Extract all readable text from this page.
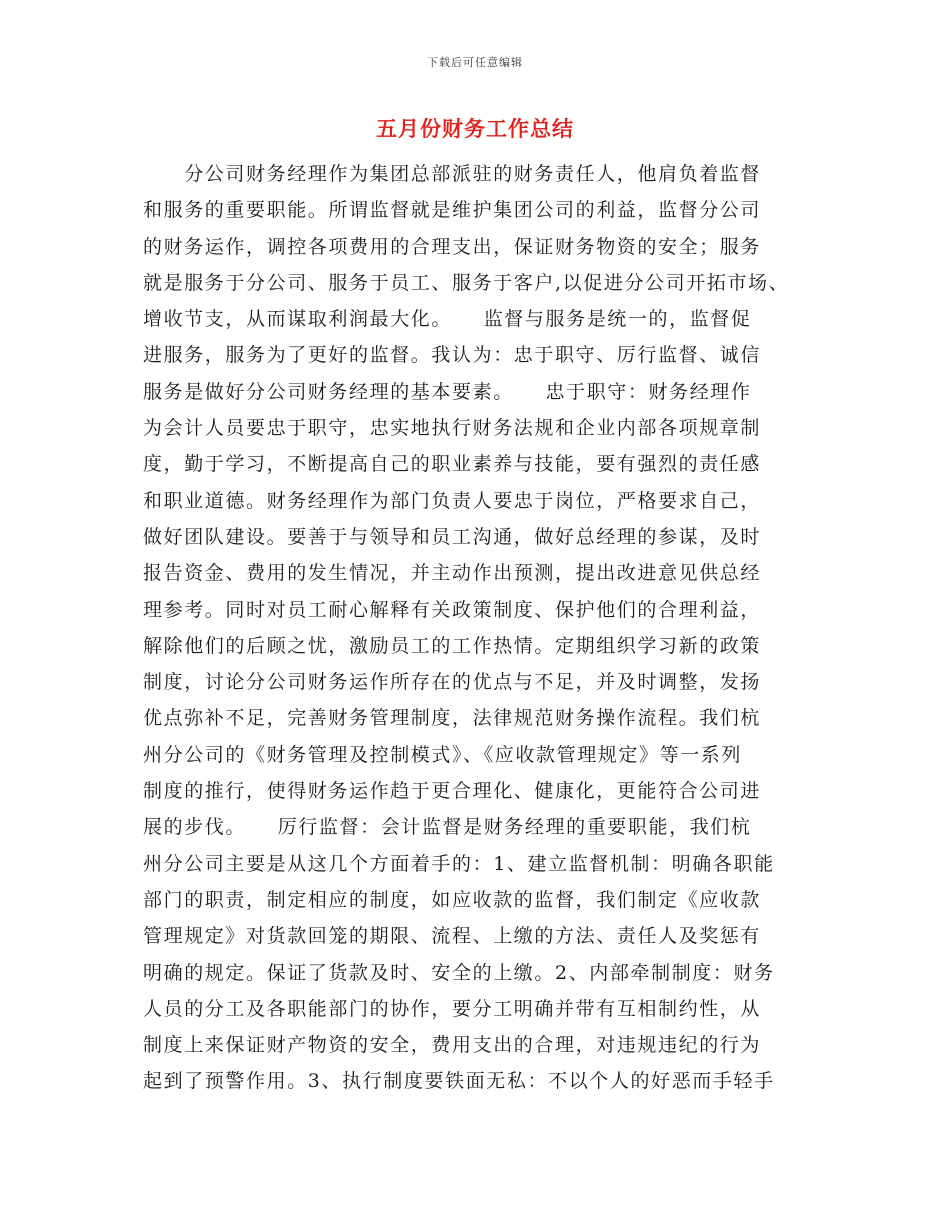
下载后可任意编辑
五月份财务工作总结
　　分公司财务经理作为集团总部派驻的财务责任人，他肩负着监督
和服务的重要职能。所谓监督就是维护集团公司的利益，监督分公司
的财务运作，调控各项费用的合理支出，保证财务物资的安全；服务
就是服务于分公司、服务于员工、服务于客户,以促进分公司开拓市场、
增收节支，从而谋取利润最大化。　　监督与服务是统一的，监督促
进服务，服务为了更好的监督。我认为：忠于职守、厉行监督、诚信
服务是做好分公司财务经理的基本要素。　　忠于职守：财务经理作
为会计人员要忠于职守，忠实地执行财务法规和企业内部各项规章制
度，勤于学习，不断提高自己的职业素养与技能，要有强烈的责任感
和职业道德。财务经理作为部门负责人要忠于岗位，严格要求自己，
做好团队建设。要善于与领导和员工沟通，做好总经理的参谋，及时
报告资金、费用的发生情况，并主动作出预测，提出改进意见供总经
理参考。同时对员工耐心解释有关政策制度、保护他们的合理利益，
解除他们的后顾之忧，激励员工的工作热情。定期组织学习新的政策
制度，讨论分公司财务运作所存在的优点与不足，并及时调整，发扬
优点弥补不足，完善财务管理制度，法律规范财务操作流程。我们杭
州分公司的《财务管理及控制模式》、《应收款管理规定》等一系列
制度的推行，使得财务运作趋于更合理化、健康化，更能符合公司进
展的步伐。　　厉行监督：会计监督是财务经理的重要职能，我们杭
州分公司主要是从这几个方面着手的：1、建立监督机制：明确各职能
部门的职责，制定相应的制度，如应收款的监督，我们制定《应收款
管理规定》对货款回笼的期限、流程、上缴的方法、责任人及奖惩有
明确的规定。保证了货款及时、安全的上缴。2、内部牵制制度：财务
人员的分工及各职能部门的协作，要分工明确并带有互相制约性，从
制度上来保证财产物资的安全，费用支出的合理，对违规违纪的行为
起到了预警作用。3、执行制度要铁面无私：不以个人的好恶而手轻手
